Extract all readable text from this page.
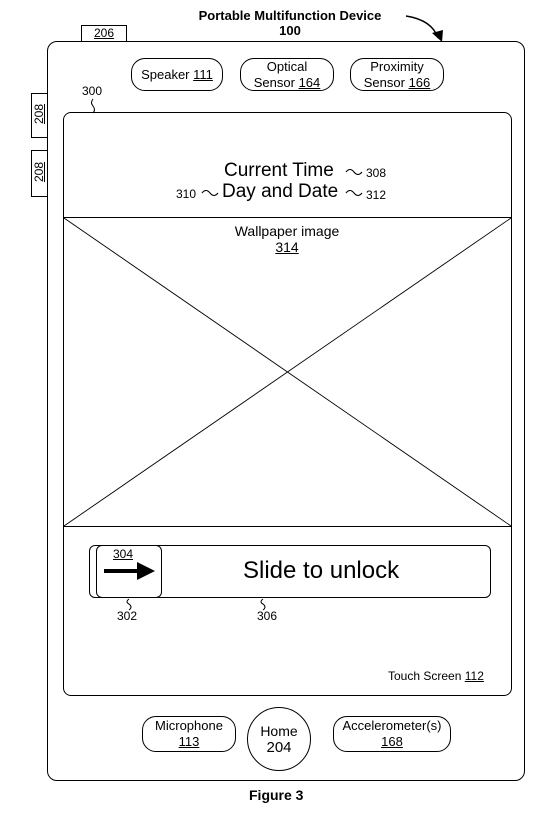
Portable Multifunction Device
100
206
208
208
Speaker 111
Optical
Sensor 164
Proximity
Sensor 166
300
Current Time	308
310 Day and Date 312
Wallpaper image
314
304
Slide to unlock
302	306
Touch Screen 112
Microphone
113
Home
204
Accelerometer(s)
168
Figure 3
